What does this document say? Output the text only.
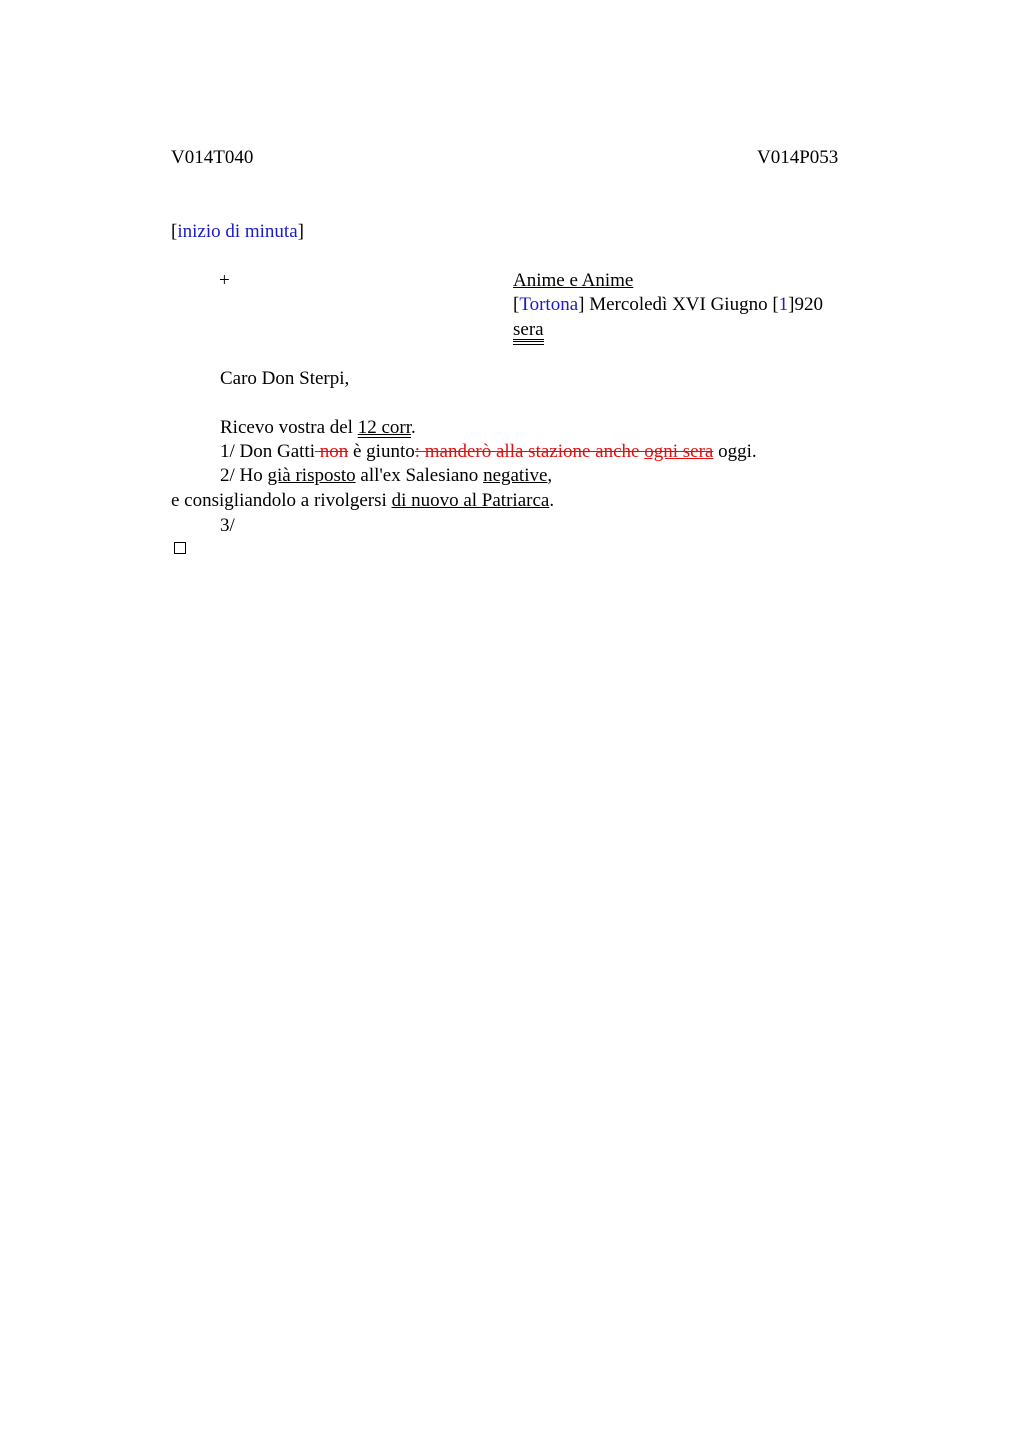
V014T040	V014P053
[inizio di minuta]
+	Anime e Anime
[Tortona] Mercoledì XVI Giugno [1]920
sera
Caro Don Sterpi,
Ricevo vostra del 12 corr.
1/ Don Gatti non è giunto: manderò alla stazione anche ogni sera oggi.
2/ Ho già risposto all'ex Salesiano negative,
e consigliandolo a rivolgersi di nuovo al Patriarca.
3/
